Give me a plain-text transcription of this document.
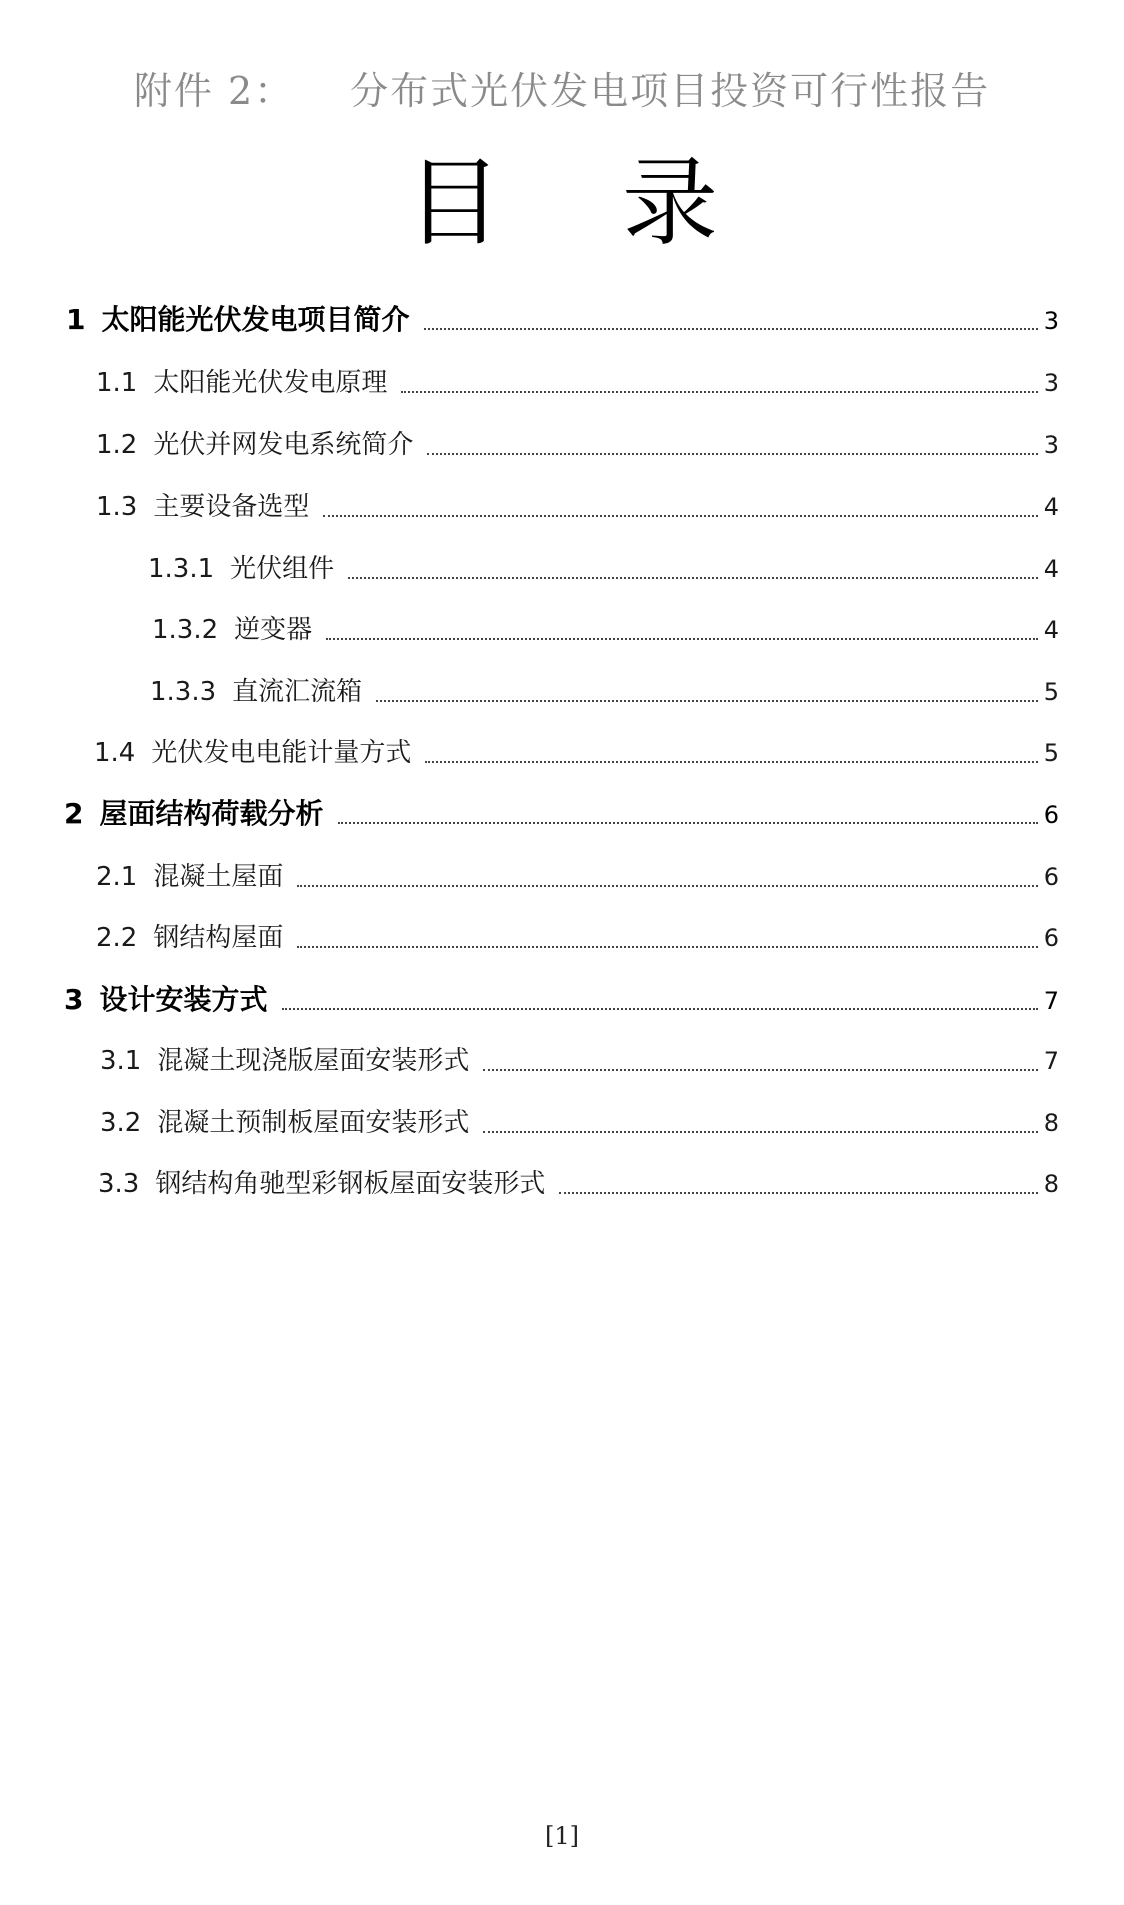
附件 2： 分布式光伏发电项目投资可行性报告
目录
1 太阳能光伏发电项目简介	3
1.1 太阳能光伏发电原理	3
1.2 光伏并网发电系统简介	3
1.3 主要设备选型	4
1.3.1 光伏组件	4
1.3.2 逆变器	4
1.3.3 直流汇流箱	5
1.4 光伏发电电能计量方式	5
2 屋面结构荷载分析	6
2.1 混凝土屋面	6
2.2 钢结构屋面	6
3 设计安装方式	7
3.1 混凝土现浇版屋面安装形式	7
3.2 混凝土预制板屋面安装形式	8
3.3 钢结构角驰型彩钢板屋面安装形式	8
[1]
